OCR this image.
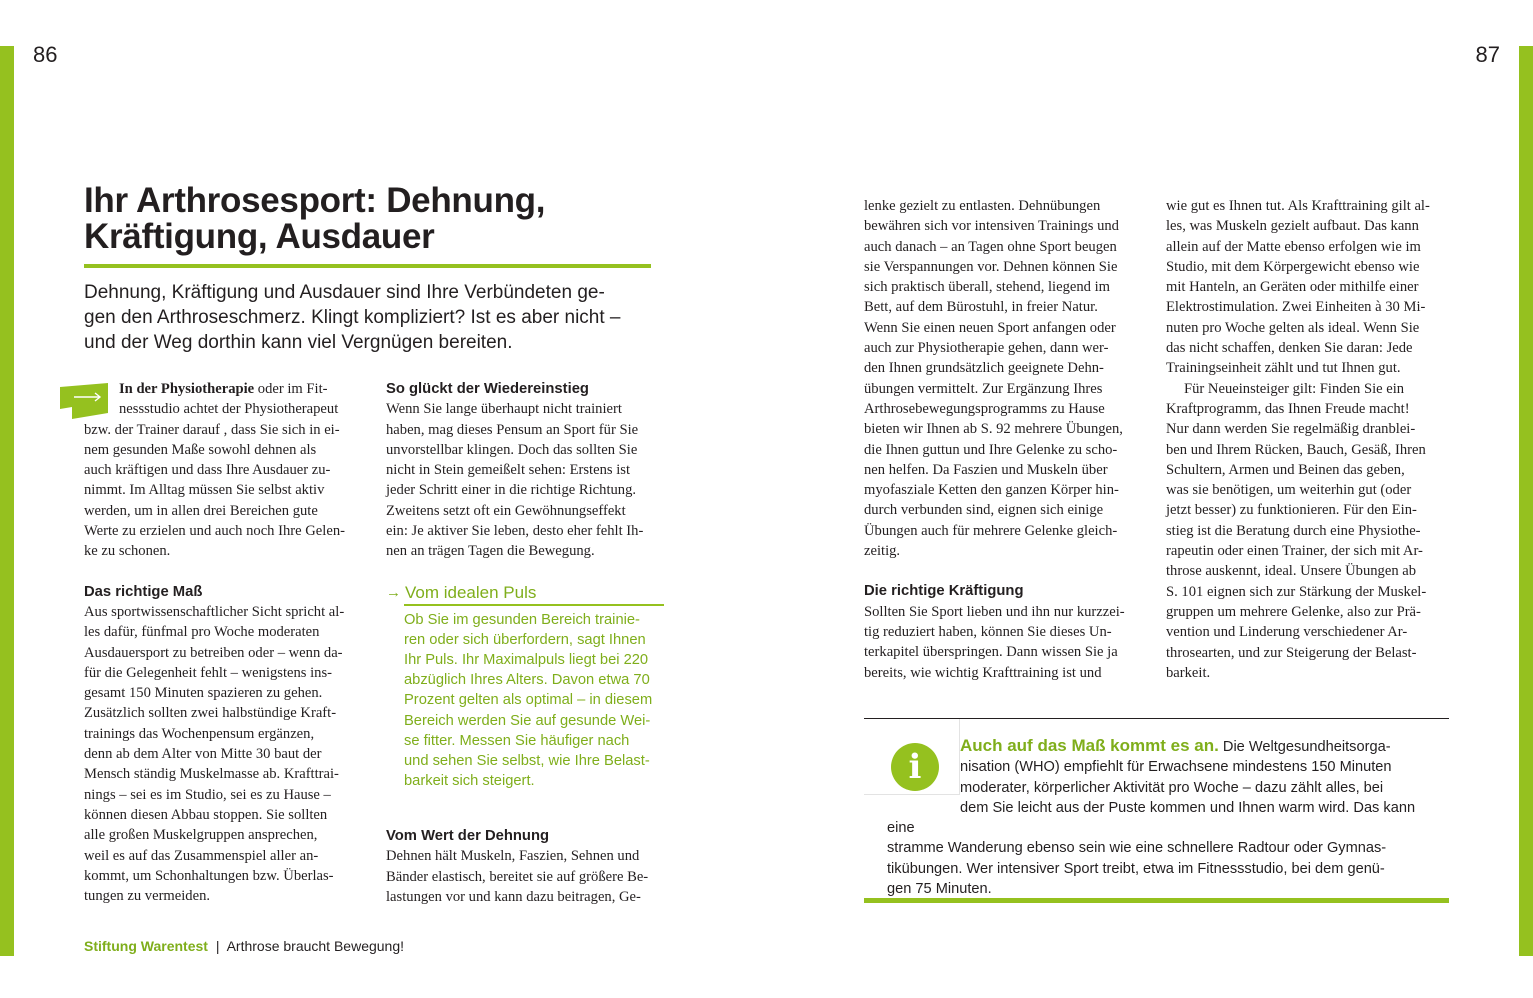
86	87
Ihr Arthrosesport: Dehnung,
Kräftigung, Ausdauer
Dehnung, Kräftigung und Ausdauer sind Ihre Verbündeten ge-
gen den Arthroseschmerz. Klingt kompliziert? Ist es aber nicht –
und der Weg dorthin kann viel Vergnügen bereiten.

In der Physiotherapie oder im Fit-

nessstudio achtet der Physiotherapeut

bzw. der Trainer darauf , dass Sie sich in ei-

nem gesunden Maße sowohl dehnen als

auch kräftigen und dass Ihre Ausdauer zu-

nimmt. Im Alltag müssen Sie selbst aktiv

werden, um in allen drei Bereichen gute

Werte zu erzielen und auch noch Ihre Gelen-

ke zu schonen.

Das richtige Maß

Aus sportwissenschaftlicher Sicht spricht al-

les dafür, fünfmal pro Woche moderaten

Ausdauersport zu betreiben oder – wenn da-

für die Gelegenheit fehlt – wenigstens ins-

gesamt 150 Minuten spazieren zu gehen.

Zusätzlich sollten zwei halbstündige Kraft-

trainings das Wochenpensum ergänzen,

denn ab dem Alter von Mitte 30 baut der

Mensch ständig Muskelmasse ab. Krafttrai-

nings – sei es im Studio, sei es zu Hause –

können diesen Abbau stoppen. Sie sollten

alle großen Muskelgruppen ansprechen,

weil es auf das Zusammenspiel aller an-

kommt, um Schonhaltungen bzw. Überlas-

tungen zu vermeiden.

So glückt der Wiedereinstieg

Wenn Sie lange überhaupt nicht trainiert

haben, mag dieses Pensum an Sport für Sie

unvorstellbar klingen. Doch das sollten Sie

nicht in Stein gemeißelt sehen: Erstens ist

jeder Schritt einer in die richtige Richtung.

Zweitens setzt oft ein Gewöhnungseffekt

ein: Je aktiver Sie leben, desto eher fehlt Ih-

nen an trägen Tagen die Bewegung.

→ Vom idealen Puls
Ob Sie im gesunden Bereich trainie-
ren oder sich überfordern, sagt Ihnen
Ihr Puls. Ihr Maximalpuls liegt bei 220
abzüglich Ihres Alters. Davon etwa 70
Prozent gelten als optimal – in diesem
Bereich werden Sie auf gesunde Wei-
se fitter. Messen Sie häufiger nach
und sehen Sie selbst, wie Ihre Belast-
barkeit sich steigert.

Vom Wert der Dehnung

Dehnen hält Muskeln, Faszien, Sehnen und

Bänder elastisch, bereitet sie auf größere Be-

lastungen vor und kann dazu beitragen, Ge-

lenke gezielt zu entlasten. Dehnübungen

bewähren sich vor intensiven Trainings und

auch danach – an Tagen ohne Sport beugen

sie Verspannungen vor. Dehnen können Sie

sich praktisch überall, stehend, liegend im

Bett, auf dem Bürostuhl, in freier Natur.

Wenn Sie einen neuen Sport anfangen oder

auch zur Physiotherapie gehen, dann wer-

den Ihnen grundsätzlich geeignete Dehn-

übungen vermittelt. Zur Ergänzung Ihres

Arthrosebewegungsprogramms zu Hause

bieten wir Ihnen ab S. 92 mehrere Übungen,

die Ihnen guttun und Ihre Gelenke zu scho-

nen helfen. Da Faszien und Muskeln über

myofasziale Ketten den ganzen Körper hin-

durch verbunden sind, eignen sich einige

Übungen auch für mehrere Gelenke gleich-

zeitig.

Die richtige Kräftigung

Sollten Sie Sport lieben und ihn nur kurzzei-

tig reduziert haben, können Sie dieses Un-

terkapitel überspringen. Dann wissen Sie ja

bereits, wie wichtig Krafttraining ist und

wie gut es Ihnen tut. Als Krafttraining gilt al-

les, was Muskeln gezielt aufbaut. Das kann

allein auf der Matte ebenso erfolgen wie im

Studio, mit dem Körpergewicht ebenso wie

mit Hanteln, an Geräten oder mithilfe einer

Elektrostimulation. Zwei Einheiten à 30 Mi-

nuten pro Woche gelten als ideal. Wenn Sie

das nicht schaffen, denken Sie daran: Jede

Trainingseinheit zählt und tut Ihnen gut.

Für Neueinsteiger gilt: Finden Sie ein

Kraftprogramm, das Ihnen Freude macht!

Nur dann werden Sie regelmäßig dranblei-

ben und Ihrem Rücken, Bauch, Gesäß, Ihren

Schultern, Armen und Beinen das geben,

was sie benötigen, um weiterhin gut (oder

jetzt besser) zu funktionieren. Für den Ein-

stieg ist die Beratung durch eine Physiothe-

rapeutin oder einen Trainer, der sich mit Ar-

throse auskennt, ideal. Unsere Übungen ab

S. 101 eignen sich zur Stärkung der Muskel-

gruppen um mehrere Gelenke, also zur Prä-

vention und Linderung verschiedener Ar-

throsearten, und zur Steigerung der Belast-

barkeit.

i
Auch auf das Maß kommt es an. Die Weltgesundheitsorga-
nisation (WHO) empfiehlt für Erwachsene mindestens 150 Minuten
moderater, körperlicher Aktivität pro Woche – dazu zählt alles, bei
dem Sie leicht aus der Puste kommen und Ihnen warm wird. Das kann eine
stramme Wanderung ebenso sein wie eine schnellere Radtour oder Gymnas-
tikübungen. Wer intensiver Sport treibt, etwa im Fitnessstudio, bei dem genü-
gen 75 Minuten.
Stiftung Warentest | Arthrose braucht Bewegung!
